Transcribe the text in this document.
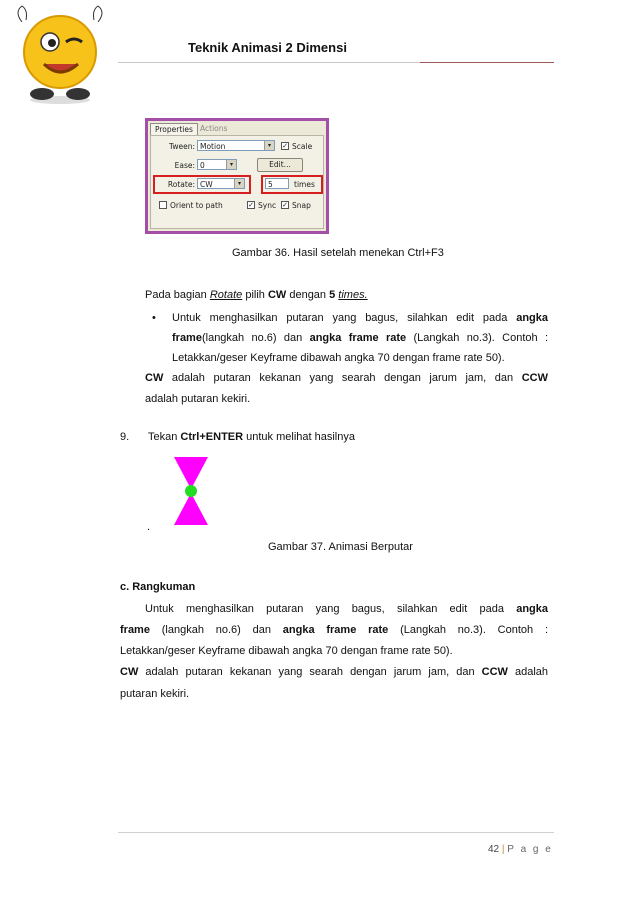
Teknik Animasi 2 Dimensi
Properties Actions
Tween: Motion	▾	✓ Scale
Ease: 0	▾	Edit...
Rotate: CW	▾	5	times
Orient to path	✓ Sync ✓ Snap
Gambar 36. Hasil setelah menekan Ctrl+F3
Pada bagian Rotate pilih CW dengan 5 times.
• Untuk menghasilkan putaran yang bagus, silahkan edit pada angka
frame(langkah no.6) dan angka frame rate (Langkah no.3). Contoh :
Letakkan/geser Keyframe dibawah angka 70 dengan frame rate 50).
CW adalah putaran kekanan yang searah dengan jarum jam, dan CCW
adalah putaran kekiri.
9. Tekan Ctrl+ENTER untuk melihat hasilnya
.
Gambar 37. Animasi Berputar
c. Rangkuman
Untuk menghasilkan putaran yang bagus, silahkan edit pada angka
frame (langkah no.6) dan angka frame rate (Langkah no.3). Contoh :
Letakkan/geser Keyframe dibawah angka 70 dengan frame rate 50).
CW adalah putaran kekanan yang searah dengan jarum jam, dan CCW adalah
putaran kekiri.
42 | P a g e
